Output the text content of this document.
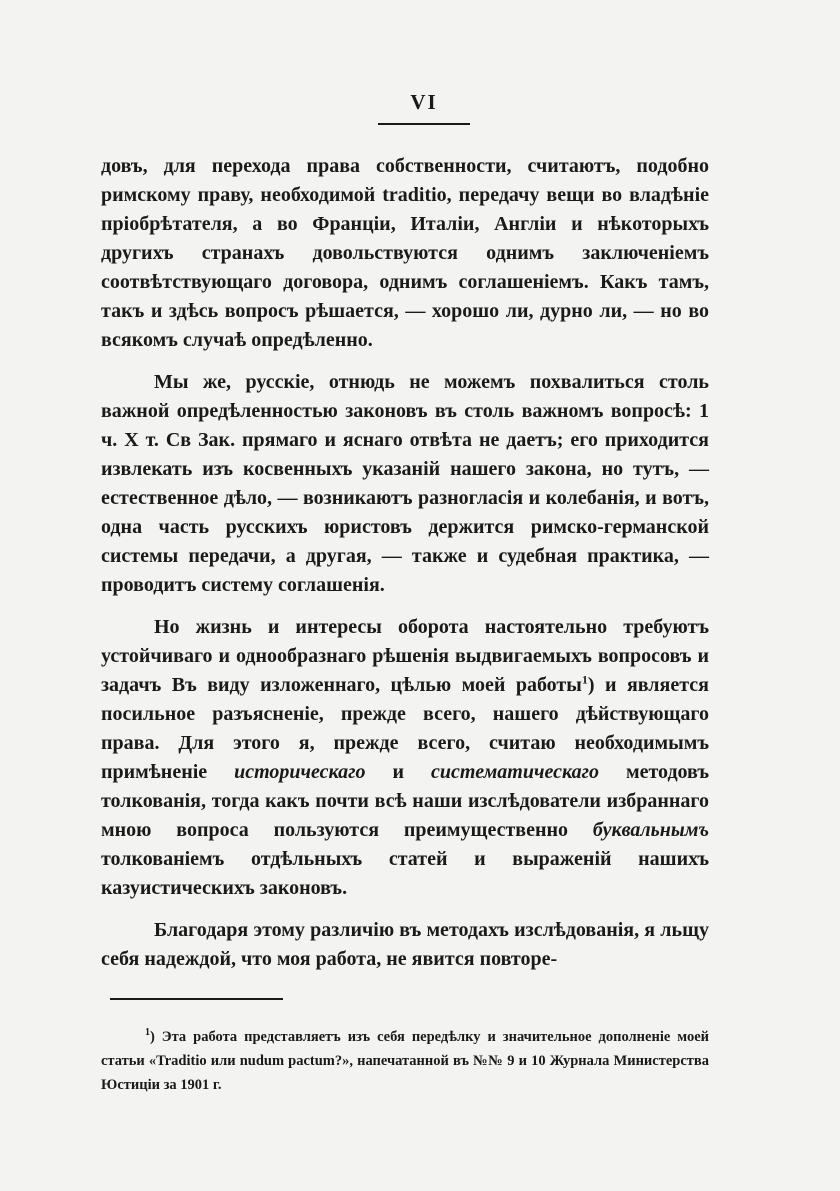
VI

довъ, для перехода права собственности, считаютъ, подобно римскому праву, необходимой traditio, передачу вещи во владѣніе пріобрѣтателя, а во Франціи, Италіи, Англіи и нѣкоторыхъ другихъ странахъ довольствуются однимъ заключеніемъ соотвѣтствующаго договора, однимъ соглашеніемъ. Какъ тамъ, такъ и здѣсь вопросъ рѣшается, — хорошо ли, дурно ли, — но во всякомъ случаѣ опредѣленно.

Мы же, русскіе, отнюдь не можемъ похвалиться столь важной опредѣленностью законовъ въ столь важномъ вопросѣ: 1 ч. X т. Св Зак. прямаго и яснаго отвѣта не даетъ; его приходится извлекать изъ косвенныхъ указаній нашего закона, но тутъ, — естественное дѣло, — возникаютъ разногласія и колебанія, и вотъ, одна часть русскихъ юристовъ держится римско-германской системы передачи, а другая, — также и судебная практика, — проводитъ систему соглашенія.

Но жизнь и интересы оборота настоятельно требуютъ устойчиваго и однообразнаго рѣшенія выдвигаемыхъ вопросовъ и задачъ Въ виду изложеннаго, цѣлью моей работы$^1$) и является посильное разъясненіе, прежде всего, нашего дѣйствующаго права. Для этого я, прежде всего, считаю необходимымъ примѣненіе историческаго и систематическаго методовъ толкованія, тогда какъ почти всѣ наши изслѣдователи избраннаго мною вопроса пользуются преимущественно буквальнымъ толкованіемъ отдѣльныхъ статей и выраженій нашихъ казуистическихъ законовъ.

Благодаря этому различію въ методахъ изслѣдованія, я льщу себя надеждой, что моя работа, не явится повторе-

$^1$) Эта работа представляетъ изъ себя передѣлку и значительное дополненіе моей статьи «Traditio или nudum pactum?», напечатанной въ №№ 9 и 10 Журнала Министерства Юстиціи за 1901 г.
